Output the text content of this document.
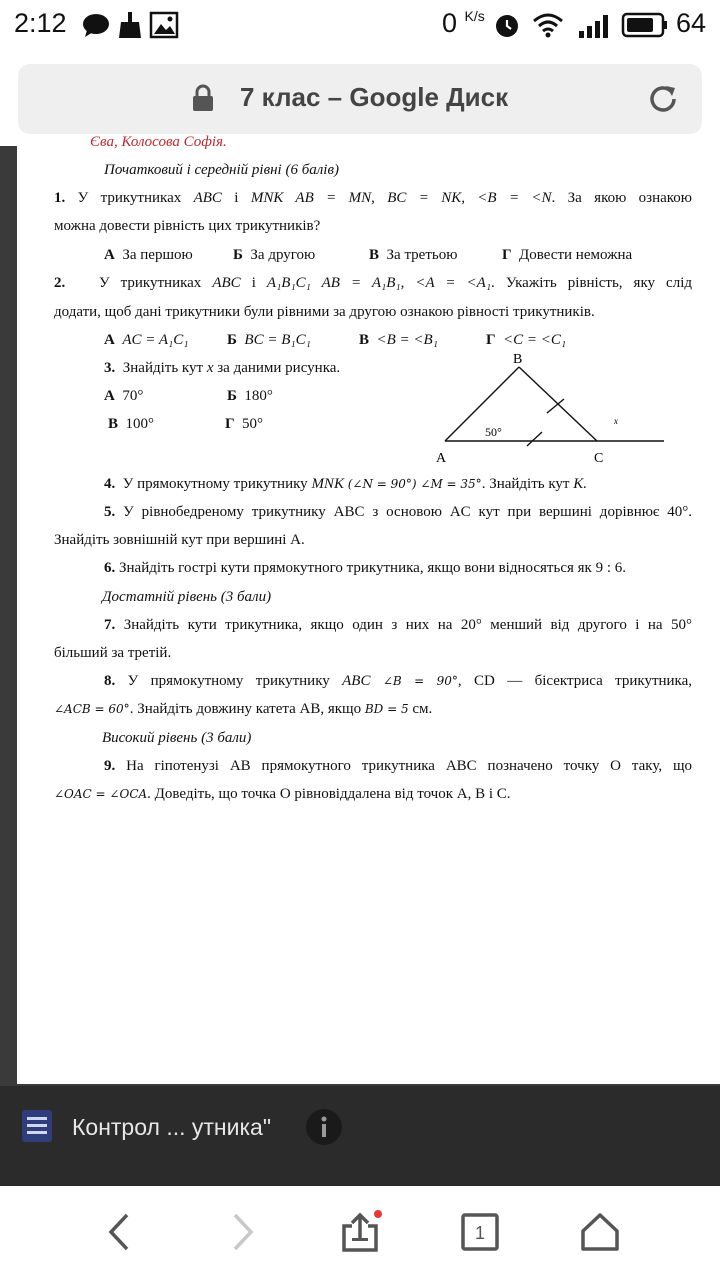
2:12	0 $^{K/s}$	64
7 клас – Google Диск
Єва, Колосова Софія.
Початковий і середній рівні (6 балів)
1. У трикутниках ABC і MNK AB = MN, BC = NK, <B = <N. За якою ознакою
можна довести рівність цих трикутників?
А За першою	Б За другою	В За третьою	Г Довести неможна
2. У трикутниках ABC і A₁B₁C₁ AB = A₁B₁, <A = <A₁. Укажіть рівність, яку слід
додати, щоб дані трикутники були рівними за другою ознакою рівності трикутників.
А AC = A₁C₁	Б BC = B₁C₁	В <B = <B₁	Г <C = <C₁
3. Знайдіть кут x за даними рисунка.
А 70°	Б 180°
В 100°	Г 50°
B
A	C
50°
x
4. У прямокутному трикутнику MNK (∠N = 90°) ∠M = 35°. Знайдіть кут K.
5. У рівнобедреному трикутнику ABC з основою AC кут при вершині дорівнює 40°.
Знайдіть зовнішній кут при вершині A.
6. Знайдіть гострі кути прямокутного трикутника, якщо вони відносяться як 9 : 6.
Достатній рівень (3 бали)
7. Знайдіть кути трикутника, якщо один з них на 20° менший від другого і на 50°
більший за третій.
8. У прямокутному трикутнику ABC ∠B = 90°, CD — бісектриса трикутника,
∠ACB = 60°. Знайдіть довжину катета AB, якщо BD = 5 см.
Високий рівень (3 бали)
9. На гіпотенузі AB прямокутного трикутника ABC позначено точку O таку, що
∠OAC = ∠OCA. Доведіть, що точка O рівновіддалена від точок A, B і C.
Контрол ... утника"
1
